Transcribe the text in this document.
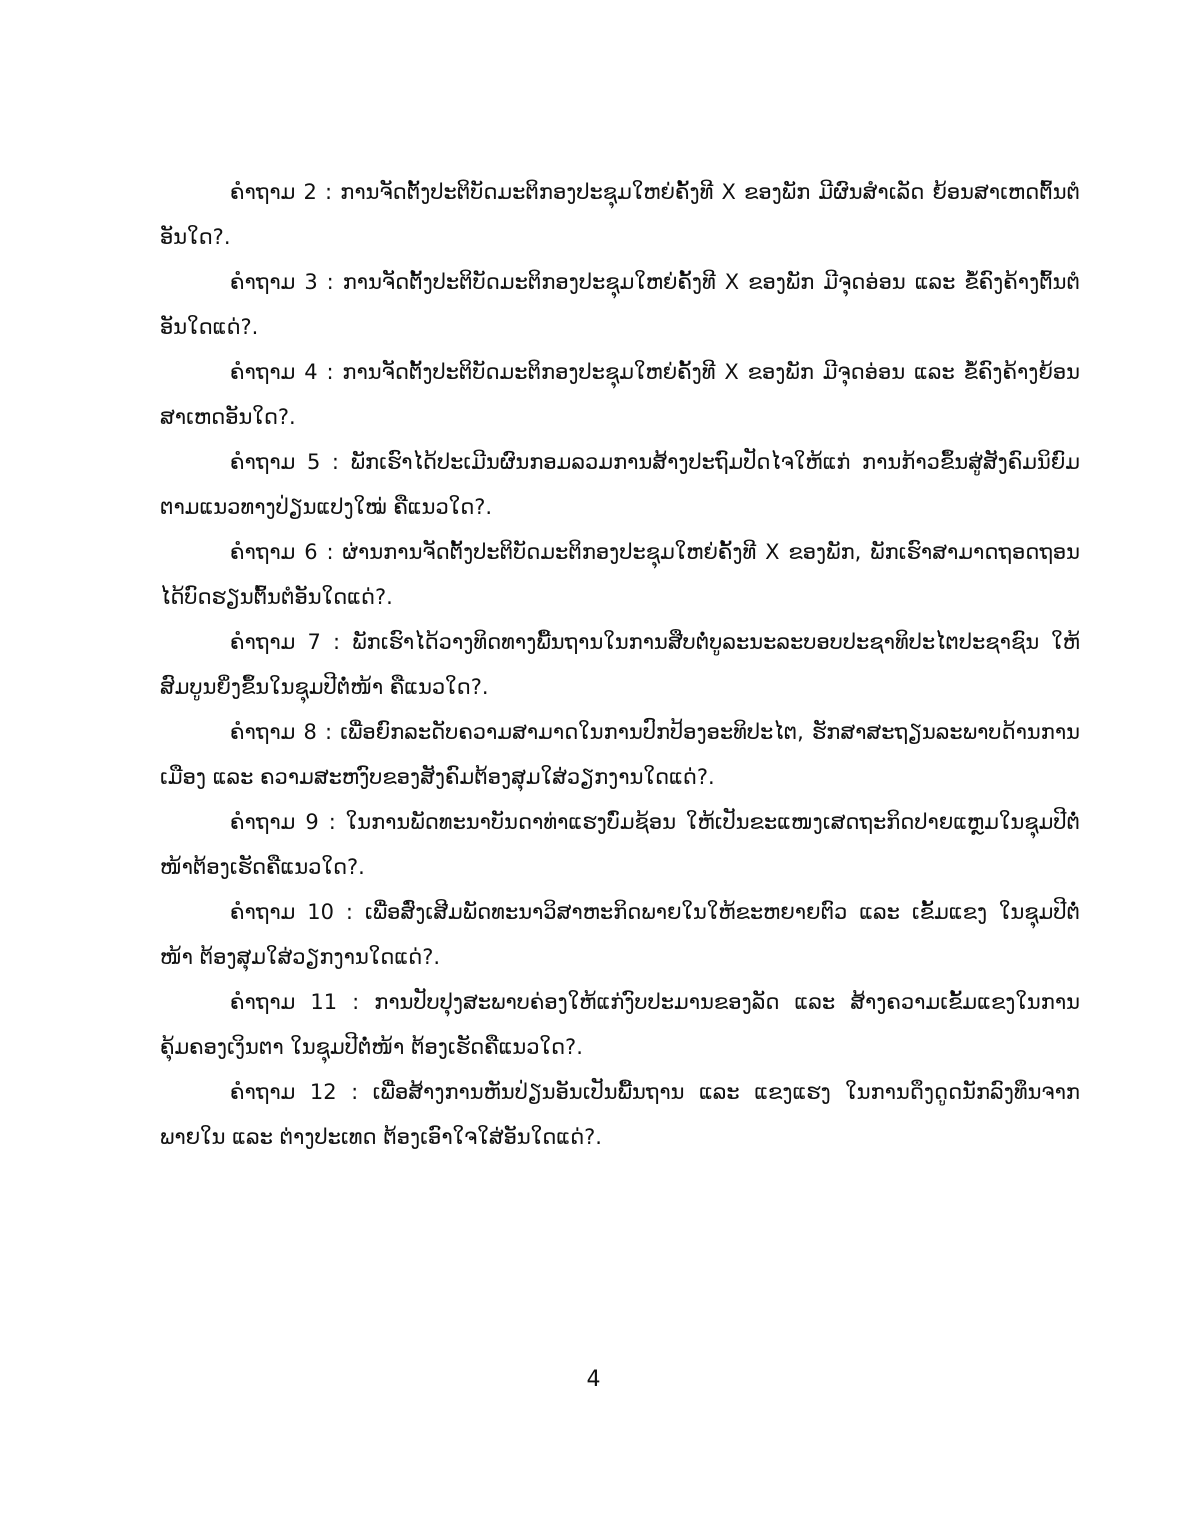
ຄຳຖາມ 2 : ການຈັດຕັ້ງປະຕິບັດມະຕິກອງປະຊຸມໃຫຍ່ຄັ້ງທີ X ຂອງພັກ ມີຜົນສຳເລັດ ຍ້ອນສາເຫດຕົ້ນຕໍອັນໃດ?.

ຄຳຖາມ 3 : ການຈັດຕັ້ງປະຕິບັດມະຕິກອງປະຊຸມໃຫຍ່ຄັ້ງທີ X ຂອງພັກ ມີຈຸດອ່ອນ ແລະ ຂໍ້ຄົງຄ້າງຕົ້ນຕໍອັນໃດແດ່?.

ຄຳຖາມ 4 : ການຈັດຕັ້ງປະຕິບັດມະຕິກອງປະຊຸມໃຫຍ່ຄັ້ງທີ X ຂອງພັກ ມີຈຸດອ່ອນ ແລະ ຂໍ້ຄົງຄ້າງຍ້ອນສາເຫດອັນໃດ?.

ຄຳຖາມ 5 : ພັກເຮົາໄດ້ປະເມີນຜົນກອມລວມການສ້າງປະຖົມປັດໄຈໃຫ້ແກ່ ການກ້າວຂຶ້ນສູ່ສັງຄົມນິຍົມ ຕາມແນວທາງປ່ຽນແປງໃໝ່ ຄືແນວໃດ?.

ຄຳຖາມ 6 : ຜ່ານການຈັດຕັ້ງປະຕິບັດມະຕິກອງປະຊຸມໃຫຍ່ຄັ້ງທີ X ຂອງພັກ, ພັກເຮົາສາມາດຖອດຖອນໄດ້ບົດຮຽນຕົ້ນຕໍອັນໃດແດ່?.

ຄຳຖາມ 7 : ພັກເຮົາໄດ້ວາງທິດທາງພື້ນຖານໃນການສືບຕໍ່ບູລະນະລະບອບປະຊາທິປະໄຕປະຊາຊົນ ໃຫ້ສົມບູນຍິ່ງຂຶ້ນໃນຊຸມປີຕໍ່ໜ້າ ຄືແນວໃດ?.

ຄຳຖາມ 8 : ເພື່ອຍົກລະດັບຄວາມສາມາດໃນການປົກປ້ອງອະທິປະໄຕ, ຮັກສາສະຖຽນລະພາບດ້ານການເມືອງ ແລະ ຄວາມສະຫງົບຂອງສັງຄົມຕ້ອງສຸມໃສ່ວຽກງານໃດແດ່?.

ຄຳຖາມ 9 : ໃນການພັດທະນາບັນດາທ່າແຮງບົ່ມຊ້ອນ ໃຫ້ເປັນຂະແໜງເສດຖະກິດປາຍແຫຼມໃນຊຸມປີຕໍ່ໜ້າຕ້ອງເຮັດຄືແນວໃດ?.

ຄຳຖາມ 10 : ເພື່ອສົ່ງເສີມພັດທະນາວິສາຫະກິດພາຍໃນໃຫ້ຂະຫຍາຍຕົວ ແລະ ເຂັ້ມແຂງ ໃນຊຸມປີຕໍ່ໜ້າ ຕ້ອງສຸມໃສ່ວຽກງານໃດແດ່?.

ຄຳຖາມ 11 : ການປັບປຸງສະພາບຄ່ອງໃຫ້ແກ່ງົບປະມານຂອງລັດ ແລະ ສ້າງຄວາມເຂັ້ມແຂງໃນການຄຸ້ມຄອງເງິນຕາ ໃນຊຸມປີຕໍ່ໜ້າ ຕ້ອງເຮັດຄືແນວໃດ?.

ຄຳຖາມ 12 : ເພື່ອສ້າງການຫັນປ່ຽນອັນເປັນພື້ນຖານ ແລະ ແຂງແຮງ ໃນການດຶງດູດນັກລົງທຶນຈາກພາຍໃນ ແລະ ຕ່າງປະເທດ ຕ້ອງເອົາໃຈໃສ່ອັນໃດແດ່?.

4
